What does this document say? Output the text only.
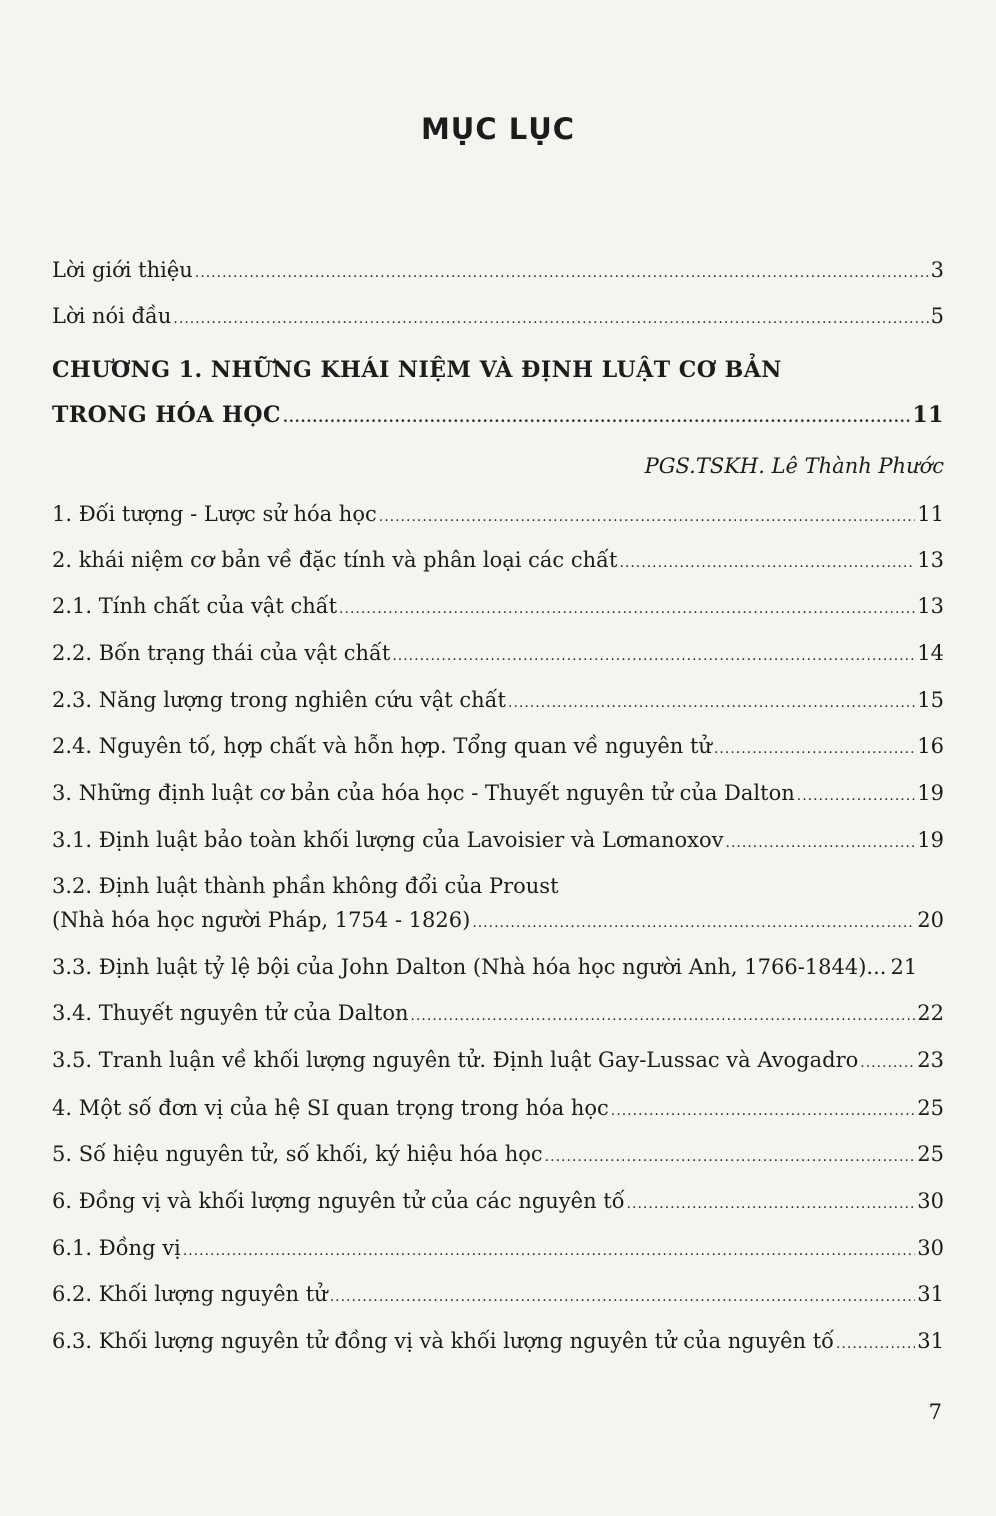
MỤC LỤC
Lời giới thiệu .....	3
Lời nói đầu .....	5
CHƯƠNG 1. NHỮNG KHÁI NIỆM VÀ ĐỊNH LUẬT CƠ BẢN
TRONG HÓA HỌC .....	11
PGS.TSKH. Lê Thành Phước
1. Đối tượng - Lược sử hóa học .....	11
2. khái niệm cơ bản về đặc tính và phân loại các chất .....	13
2.1. Tính chất của vật chất .....	13
2.2. Bốn trạng thái của vật chất .....	14
2.3. Năng lượng trong nghiên cứu vật chất .....	15
2.4. Nguyên tố, hợp chất và hỗn hợp. Tổng quan về nguyên tử .....	16
3. Những định luật cơ bản của hóa học - Thuyết nguyên tử của Dalton .....	19
3.1. Định luật bảo toàn khối lượng của Lavoisier và Lơmanoxov .....	19
3.2. Định luật thành phần không đổi của Proust
(Nhà hóa học người Pháp, 1754 - 1826) .....	20
3.3. Định luật tỷ lệ bội của John Dalton (Nhà hóa học người Anh, 1766-1844)... 21
3.4. Thuyết nguyên tử của Dalton .....	22
3.5. Tranh luận về khối lượng nguyên tử. Định luật Gay-Lussac và Avogadro .....	23
4. Một số đơn vị của hệ SI quan trọng trong hóa học .....	25
5. Số hiệu nguyên tử, số khối, ký hiệu hóa học .....	25
6. Đồng vị và khối lượng nguyên tử của các nguyên tố .....	30
6.1. Đồng vị .....	30
6.2. Khối lượng nguyên tử .....	31
6.3. Khối lượng nguyên tử đồng vị và khối lượng nguyên tử của nguyên tố .....	31
7
